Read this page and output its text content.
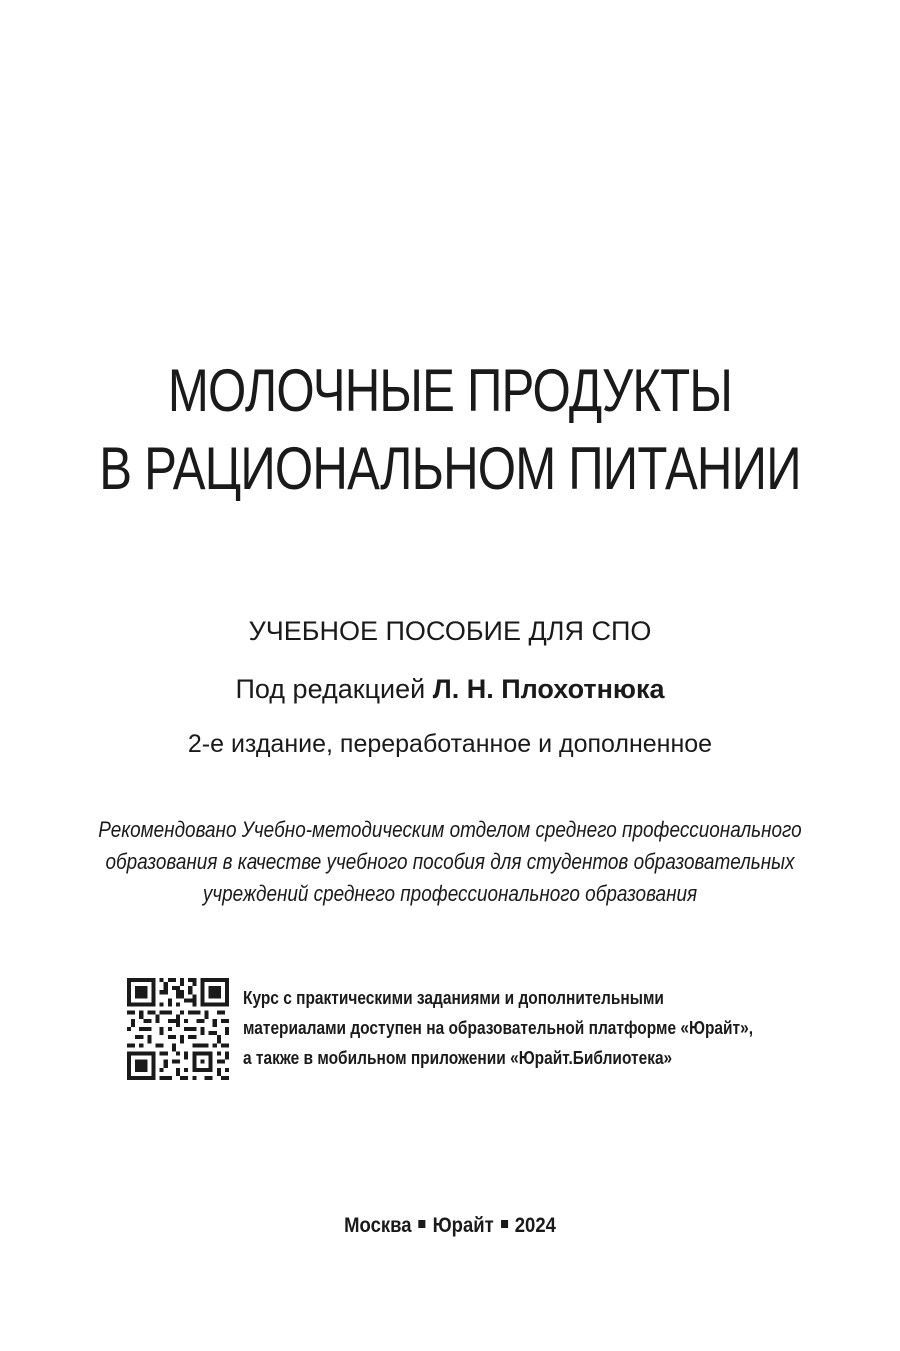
МОЛОЧНЫЕ ПРОДУКТЫ
В РАЦИОНАЛЬНОМ ПИТАНИИ
УЧЕБНОЕ ПОСОБИЕ ДЛЯ СПО
Под редакцией Л. Н. Плохотнюка
2-е издание, переработанное и дополненное
Рекомендовано Учебно-методическим отделом среднего профессионального
образования в качестве учебного пособия для студентов образовательных
учреждений среднего профессионального образования
Курс с практическими заданиями и дополнительными
материалами доступен на образовательной платформе «Юрайт»,
а также в мобильном приложении «Юрайт.Библиотека»
Москва Юрайт 2024
